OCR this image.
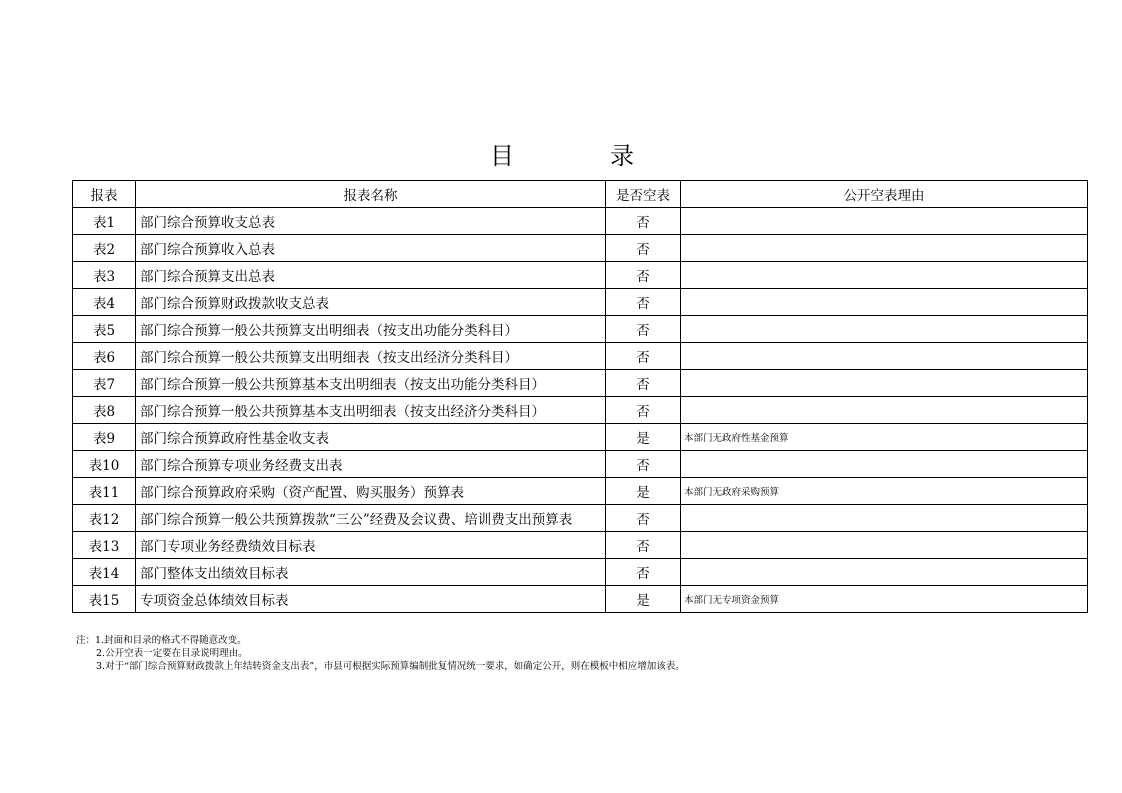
目　录
报表	报表名称	是否空表	公开空表理由
表1	部门综合预算收支总表	否	
表2	部门综合预算收入总表	否	
表3	部门综合预算支出总表	否	
表4	部门综合预算财政拨款收支总表	否	
表5	部门综合预算一般公共预算支出明细表（按支出功能分类科目）	否	
表6	部门综合预算一般公共预算支出明细表（按支出经济分类科目）	否	
表7	部门综合预算一般公共预算基本支出明细表（按支出功能分类科目）	否	
表8	部门综合预算一般公共预算基本支出明细表（按支出经济分类科目）	否	
表9	部门综合预算政府性基金收支表	是	本部门无政府性基金预算
表10	部门综合预算专项业务经费支出表	否	
表11	部门综合预算政府采购（资产配置、购买服务）预算表	是	本部门无政府采购预算
表12	部门综合预算一般公共预算拨款“三公”经费及会议费、培训费支出预算表	否	
表13	部门专项业务经费绩效目标表	否	
表14	部门整体支出绩效目标表	否	
表15	专项资金总体绩效目标表	是	本部门无专项资金预算
注：1.封面和目录的格式不得随意改变。
2.公开空表一定要在目录说明理由。
3.对于“部门综合预算财政拨款上年结转资金支出表”，市县可根据实际预算编制批复情况统一要求，如确定公开，则在模板中相应增加该表。
